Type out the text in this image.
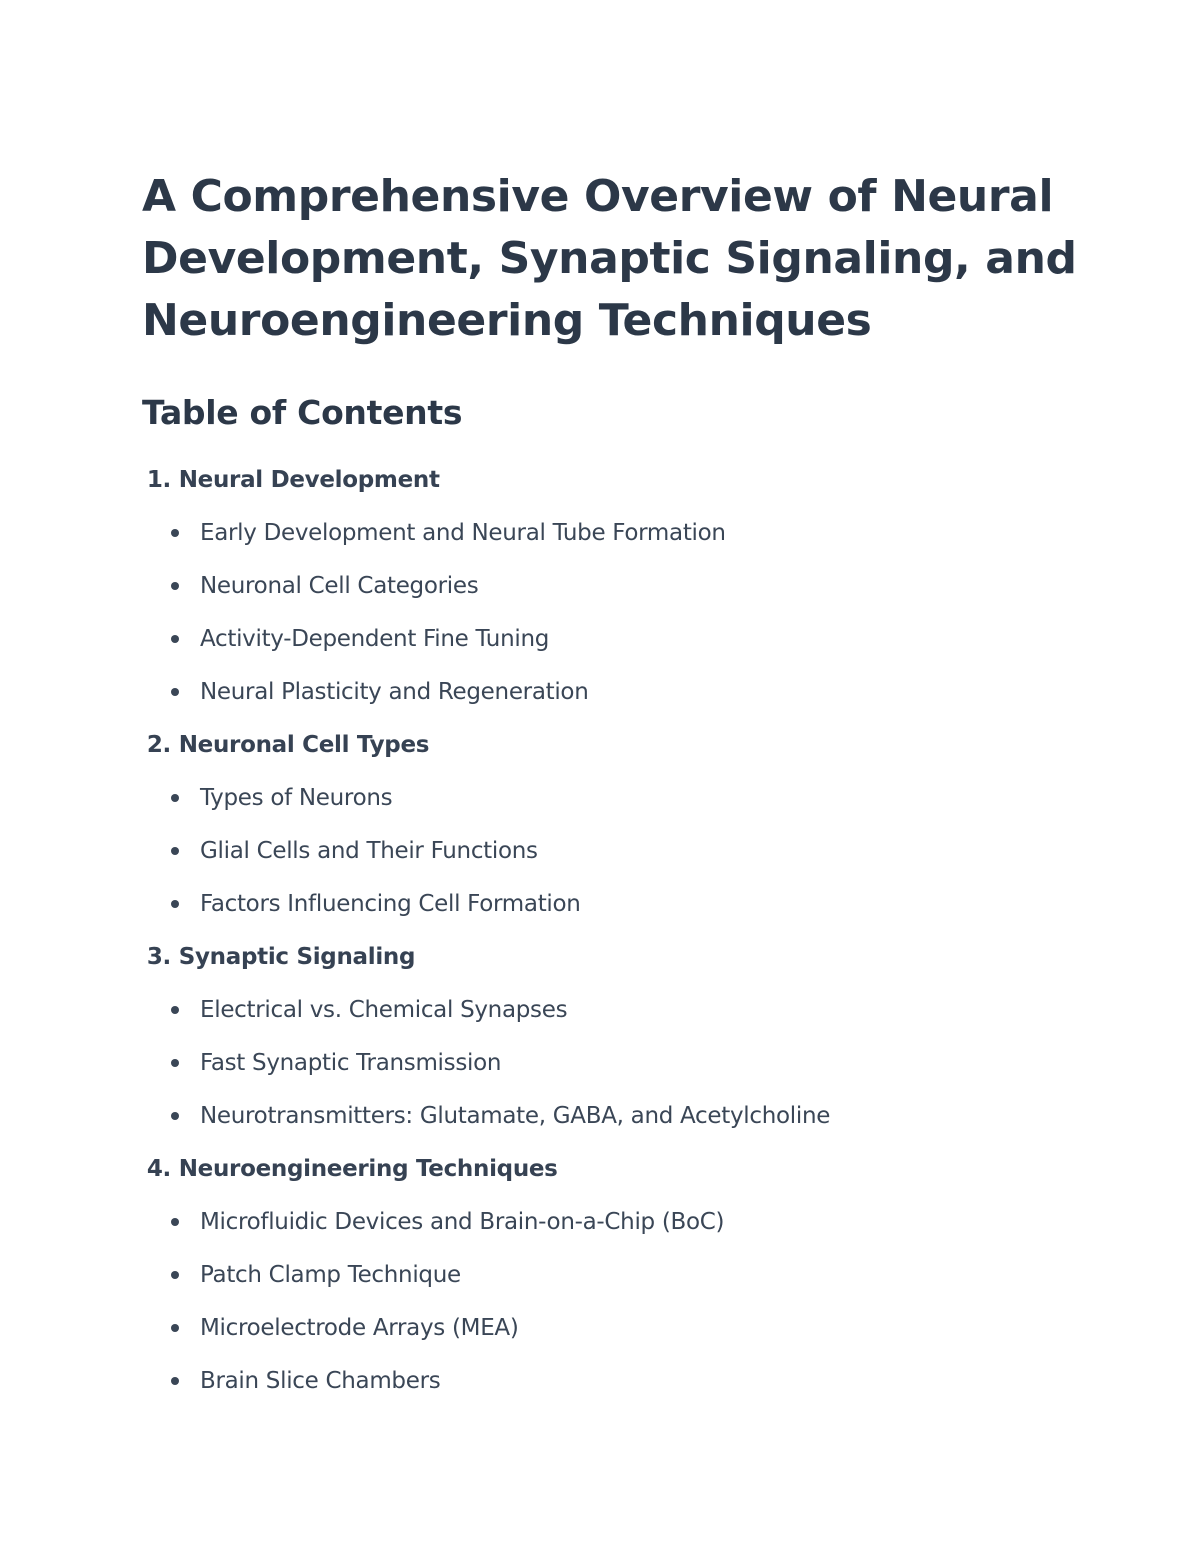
A Comprehensive Overview of Neural Development, Synaptic Signaling, and Neuroengineering Techniques
Table of Contents
1.
Neural Development
Early Development and Neural Tube Formation
Neuronal Cell Categories
Activity-Dependent Fine Tuning
Neural Plasticity and Regeneration
2.
Neuronal Cell Types
Types of Neurons
Glial Cells and Their Functions
Factors Influencing Cell Formation
3.
Synaptic Signaling
Electrical vs. Chemical Synapses
Fast Synaptic Transmission
Neurotransmitters: Glutamate, GABA, and Acetylcholine
4.
Neuroengineering Techniques
Microfluidic Devices and Brain-on-a-Chip (BoC)
Patch Clamp Technique
Microelectrode Arrays (MEA)
Brain Slice Chambers
